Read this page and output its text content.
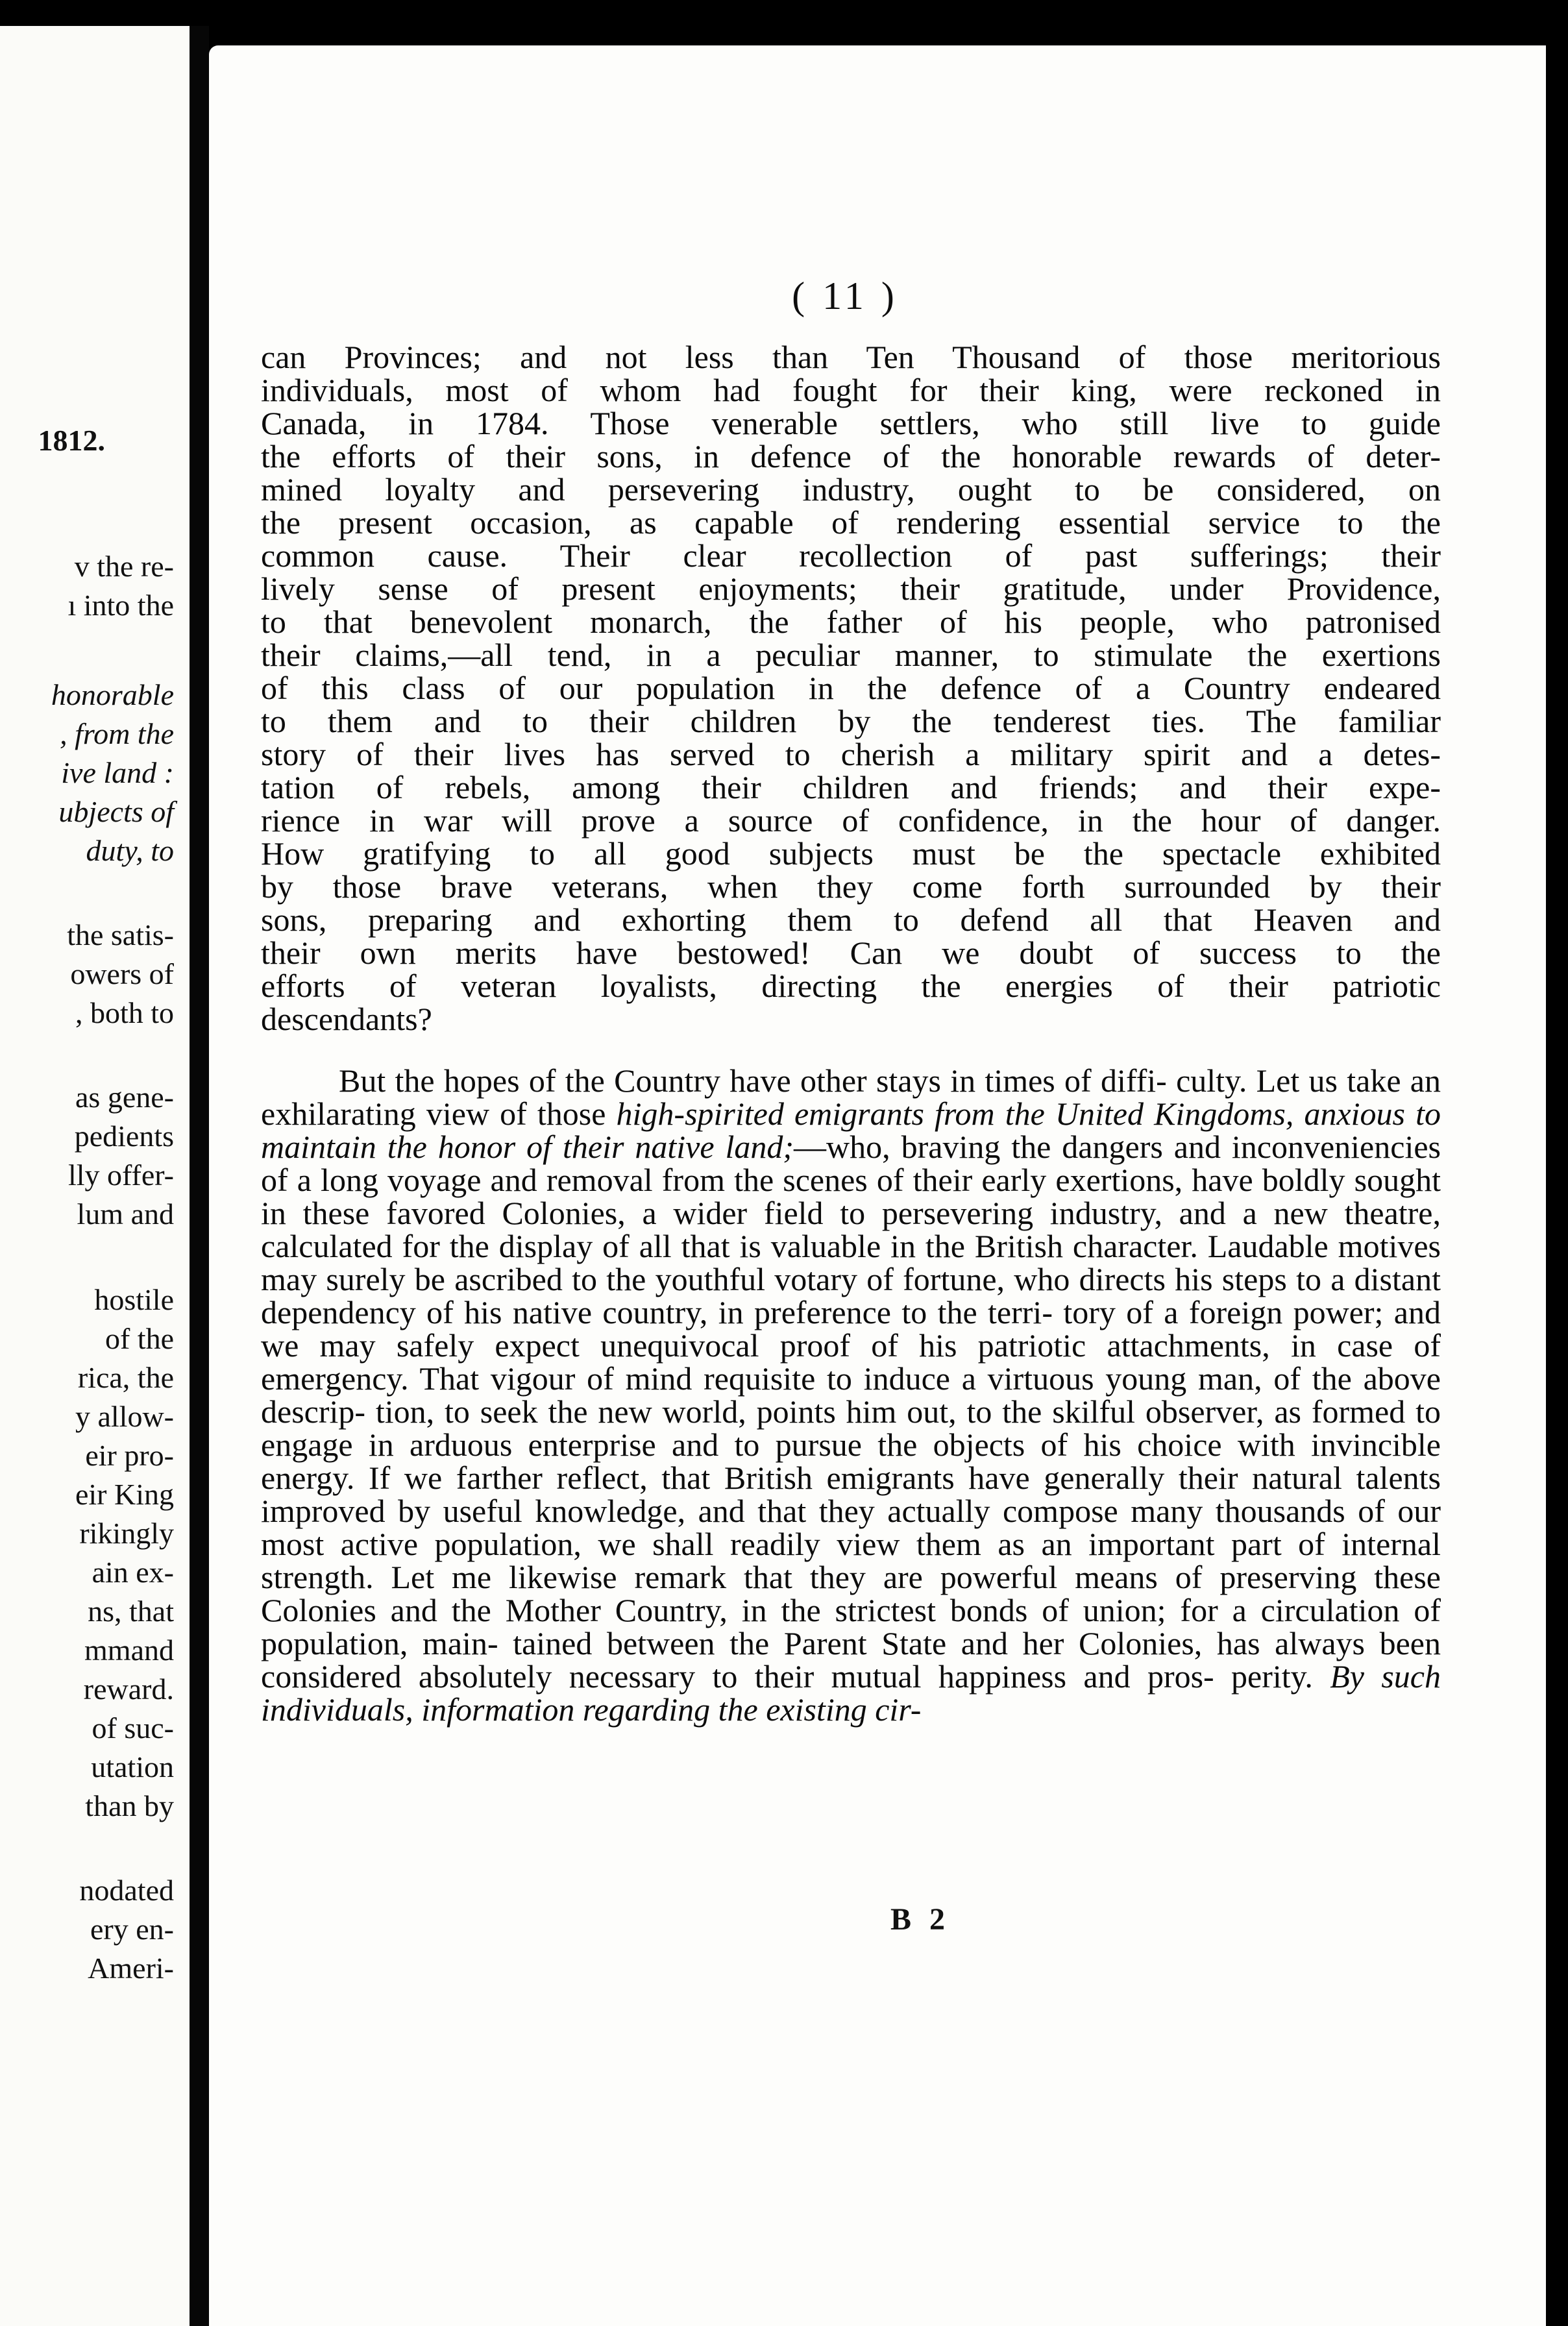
1812.
v the re-
ı into the
honorable
, from the
ive land :
ubjects of
duty, to
the satis-
owers of
, both to
as gene-
pedients
lly offer-
lum and
hostile
of the
rica, the
y allow-
eir pro-
eir King
rikingly
ain ex-
ns, that
mmand
reward.
of suc-
utation
than by
nodated
ery en-
Ameri-
( 11 )

can Provinces; and not less than Ten Thousand of those meritorious

individuals, most of whom had fought for their king, were reckoned in

Canada, in 1784. Those venerable settlers, who still live to guide

the efforts of their sons, in defence of the honorable rewards of deter-

mined loyalty and persevering industry, ought to be considered, on

the present occasion, as capable of rendering essential service to the

common cause. Their clear recollection of past sufferings; their

lively sense of present enjoyments; their gratitude, under Providence,

to that benevolent monarch, the father of his people, who patronised

their claims,—all tend, in a peculiar manner, to stimulate the exertions

of this class of our population in the defence of a Country endeared

to them and to their children by the tenderest ties. The familiar

story of their lives has served to cherish a military spirit and a detes-

tation of rebels, among their children and friends; and their expe-

rience in war will prove a source of confidence, in the hour of danger.

How gratifying to all good subjects must be the spectacle exhibited

by those brave veterans, when they come forth surrounded by their

sons, preparing and exhorting them to defend all that Heaven and

their own merits have bestowed! Can we doubt of success to the

efforts of veteran loyalists, directing the energies of their patriotic

descendants?

But the hopes of the Country have other stays in times of diffi- culty. Let us take an exhilarating view of those high-spirited emigrants from the United Kingdoms, anxious to maintain the honor of their native land;—who, braving the dangers and inconveniencies of a long voyage and removal from the scenes of their early exertions, have boldly sought in these favored Colonies, a wider field to persevering industry, and a new theatre, calculated for the display of all that is valuable in the British character. Laudable motives may surely be ascribed to the youthful votary of fortune, who directs his steps to a distant dependency of his native country, in preference to the terri- tory of a foreign power; and we may safely expect unequivocal proof of his patriotic attachments, in case of emergency. That vigour of mind requisite to induce a virtuous young man, of the above descrip- tion, to seek the new world, points him out, to the skilful observer, as formed to engage in arduous enterprise and to pursue the objects of his choice with invincible energy. If we farther reflect, that British emigrants have generally their natural talents improved by useful knowledge, and that they actually compose many thousands of our most active population, we shall readily view them as an important part of internal strength. Let me likewise remark that they are powerful means of preserving these Colonies and the Mother Country, in the strictest bonds of union; for a circulation of population, main- tained between the Parent State and her Colonies, has always been considered absolutely necessary to their mutual happiness and pros- perity. By such individuals, information regarding the existing cir-
B 2
